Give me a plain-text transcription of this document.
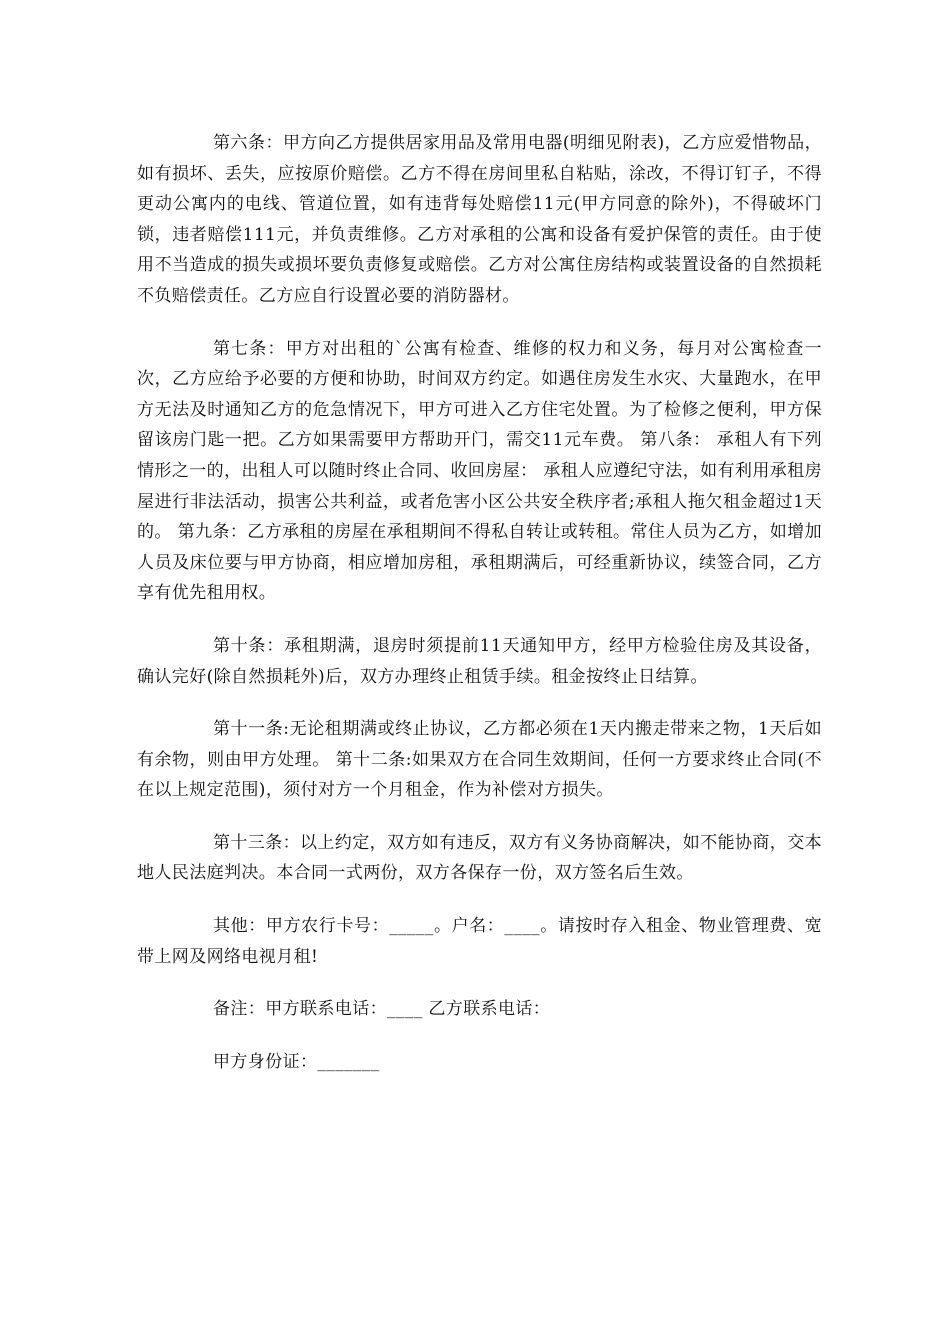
第六条：甲方向乙方提供居家用品及常用电器(明细见附表)，乙方应爱惜物品，如有损坏、丢失，应按原价赔偿。乙方不得在房间里私自粘贴，涂改，不得订钉子，不得更动公寓内的电线、管道位置，如有违背每处赔偿11元(甲方同意的除外)，不得破坏门锁，违者赔偿111元，并负责维修。乙方对承租的公寓和设备有爱护保管的责任。由于使用不当造成的损失或损坏要负责修复或赔偿。乙方对公寓住房结构或装置设备的自然损耗不负赔偿责任。乙方应自行设置必要的消防器材。

第七条：甲方对出租的`公寓有检查、维修的权力和义务，每月对公寓检查一次，乙方应给予必要的方便和协助，时间双方约定。如遇住房发生水灾、大量跑水，在甲方无法及时通知乙方的危急情况下，甲方可进入乙方住宅处置。为了检修之便利，甲方保留该房门匙一把。乙方如果需要甲方帮助开门，需交11元车费。 第八条： 承租人有下列情形之一的，出租人可以随时终止合同、收回房屋： 承租人应遵纪守法，如有利用承租房屋进行非法活动，损害公共利益，或者危害小区公共安全秩序者;承租人拖欠租金超过1天的。 第九条：乙方承租的房屋在承租期间不得私自转让或转租。常住人员为乙方，如增加人员及床位要与甲方协商，相应增加房租，承租期满后，可经重新协议，续签合同，乙方享有优先租用权。

第十条：承租期满，退房时须提前11天通知甲方，经甲方检验住房及其设备，确认完好(除自然损耗外)后，双方办理终止租赁手续。租金按终止日结算。

第十一条:无论租期满或终止协议，乙方都必须在1天内搬走带来之物，1天后如有余物，则由甲方处理。 第十二条:如果双方在合同生效期间，任何一方要求终止合同(不在以上规定范围)，须付对方一个月租金，作为补偿对方损失。

第十三条：以上约定，双方如有违反，双方有义务协商解决，如不能协商，交本地人民法庭判决。本合同一式两份，双方各保存一份，双方签名后生效。

其他：甲方农行卡号：_____。户名：____。请按时存入租金、物业管理费、宽带上网及网络电视月租!

备注：甲方联系电话：____ 乙方联系电话：

甲方身份证：_______
